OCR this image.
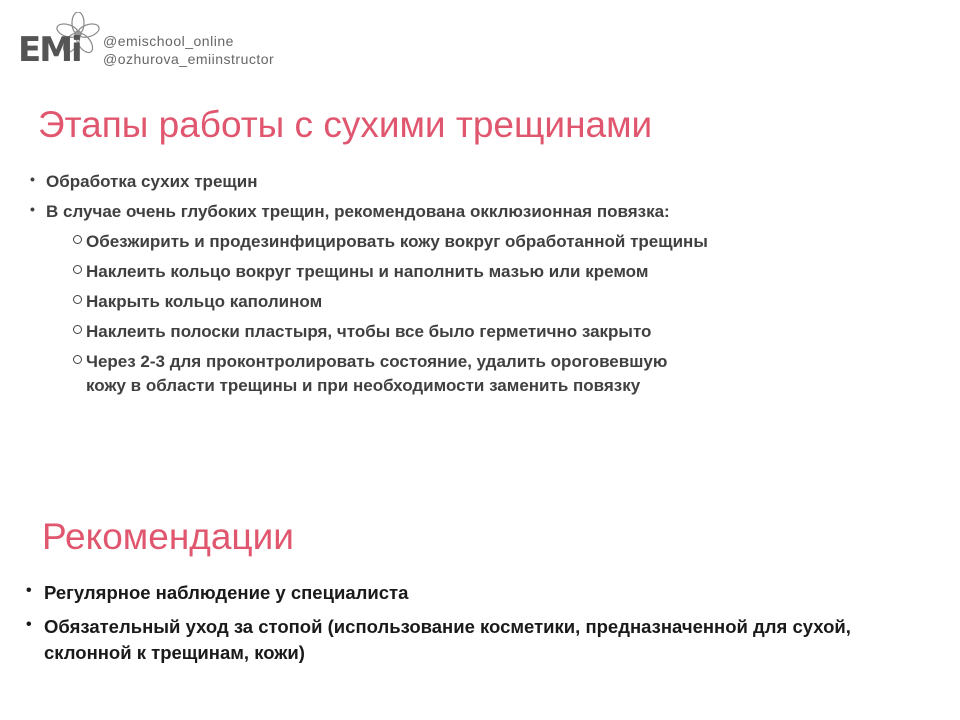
EMi @emischool_online
@ozhurova_emiinstructor
Этапы работы с сухими трещинами
• Обработка сухих трещин
• В случае очень глубоких трещин, рекомендована окклюзионная повязка:
Обезжирить и продезинфицировать кожу вокруг обработанной трещины
Наклеить кольцо вокруг трещины и наполнить мазью или кремом
Накрыть кольцо каполином
Наклеить полоски пластыря, чтобы все было герметично закрыто
Через 2-3 для проконтролировать состояние, удалить ороговевшую кожу в области трещины и при необходимости заменить повязку
Рекомендации
• Регулярное наблюдение у специалиста
• Обязательный уход за стопой (использование косметики, предназначенной для сухой, склонной к трещинам, кожи)
